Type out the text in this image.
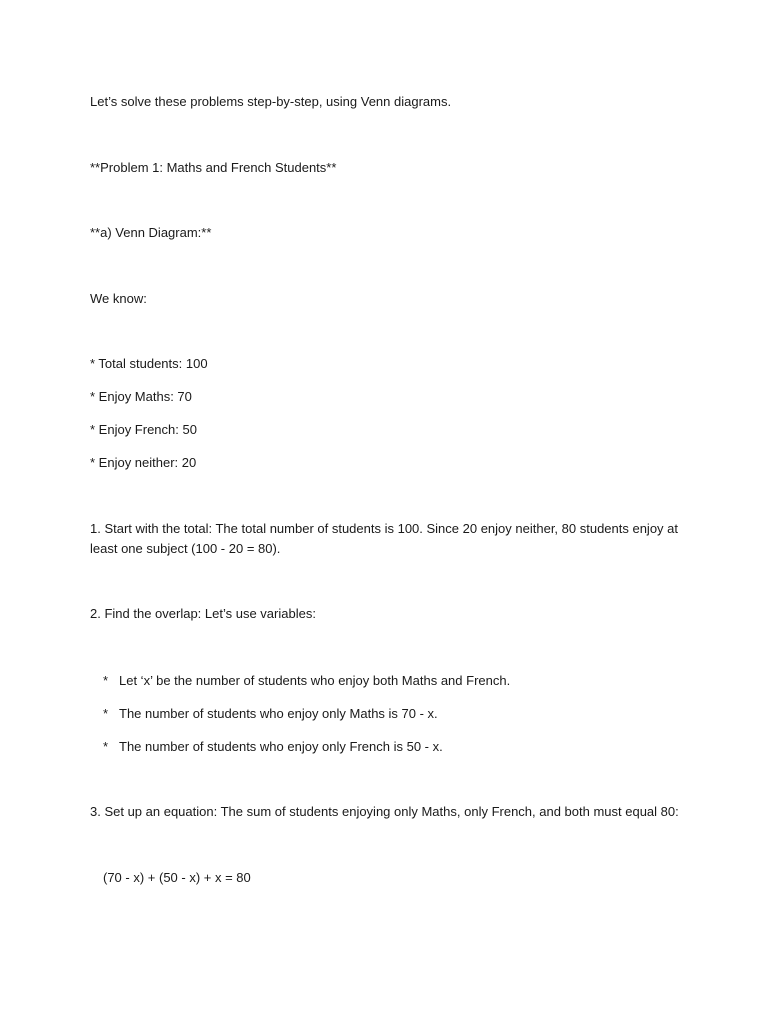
Let’s solve these problems step-by-step, using Venn diagrams.
**Problem 1: Maths and French Students**
**a) Venn Diagram:**
We know:
* Total students: 100
* Enjoy Maths: 70
* Enjoy French: 50
* Enjoy neither: 20
1. Start with the total: The total number of students is 100. Since 20 enjoy neither, 80 students enjoy at least one subject (100 - 20 = 80).
2. Find the overlap: Let’s use variables:
* Let ‘x’ be the number of students who enjoy both Maths and French.
* The number of students who enjoy only Maths is 70 - x.
* The number of students who enjoy only French is 50 - x.
3. Set up an equation: The sum of students enjoying only Maths, only French, and both must equal 80:
(70 - x) + (50 - x) + x = 80
